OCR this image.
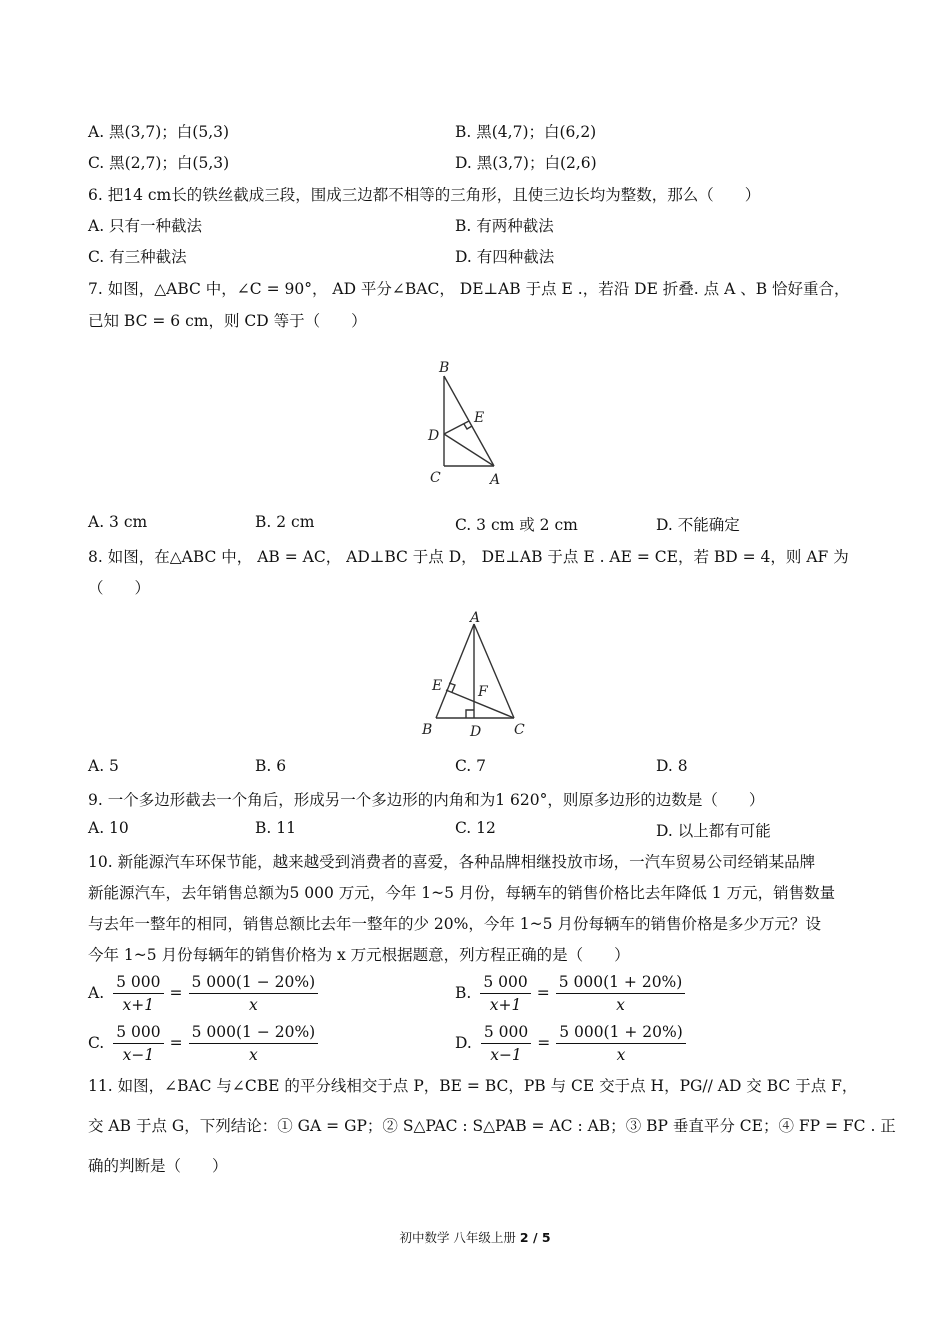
A. 黑(3,7)；白(5,3)	B. 黑(4,7)；白(6,2)
C. 黑(2,7)；白(5,3)	D. 黑(3,7)；白(2,6)
6. 把14 cm长的铁丝截成三段，围成三边都不相等的三角形，且使三边长均为整数，那么（　　）
A. 只有一种截法	B. 有两种截法
C. 有三种截法	D. 有四种截法
7. 如图，△ABC 中，∠C = 90°， AD 平分∠BAC， DE⊥AB 于点 E .，若沿 DE 折叠. 点 A 、B 恰好重合，
已知 BC = 6 cm，则 CD 等于（　　）
B
E
D
C	A
A. 3 cm	B. 2 cm	C. 3 cm 或 2 cm	D. 不能确定
8. 如图，在△ABC 中， AB = AC， AD⊥BC 于点 D， DE⊥AB 于点 E . AE = CE，若 BD = 4，则 AF 为
（　　）
A
E	F
B	D C
A. 5	B. 6	C. 7	D. 8
9. 一个多边形截去一个角后，形成另一个多边形的内角和为1 620°，则原多边形的边数是（　　）
A. 10	B. 11	C. 12	D. 以上都有可能
10. 新能源汽车环保节能，越来越受到消费者的喜爱，各种品牌相继投放市场，一汽车贸易公司经销某品牌
新能源汽车，去年销售总额为5 000 万元，今年 1~5 月份，每辆车的销售价格比去年降低 1 万元，销售数量
与去年一整年的相同，销售总额比去年一整年的少 20%，今年 1~5 月份每辆车的销售价格是多少万元？设
今年 1~5 月份每辆年的销售价格为 x 万元根据题意，列方程正确的是（　　）
A. $\frac{5 000}{x+1} = \frac{5 000(1 - 20\%)}{x}$	B. $\frac{5 000}{x+1} = \frac{5 000(1 + 20\%)}{x}$
C. $\frac{5 000}{x-1} = \frac{5 000(1 - 20\%)}{x}$	D. $\frac{5 000}{x-1} = \frac{5 000(1 + 20\%)}{x}$
11. 如图，∠BAC 与∠CBE 的平分线相交于点 P，BE = BC，PB 与 CE 交于点 H，PG// AD 交 BC 于点 F，
交 AB 于点 G，下列结论：① GA = GP；② S△PAC : S△PAB = AC : AB；③ BP 垂直平分 CE；④ FP = FC . 正
确的判断是（　　）
初中数学 八年级上册 2 / 5
